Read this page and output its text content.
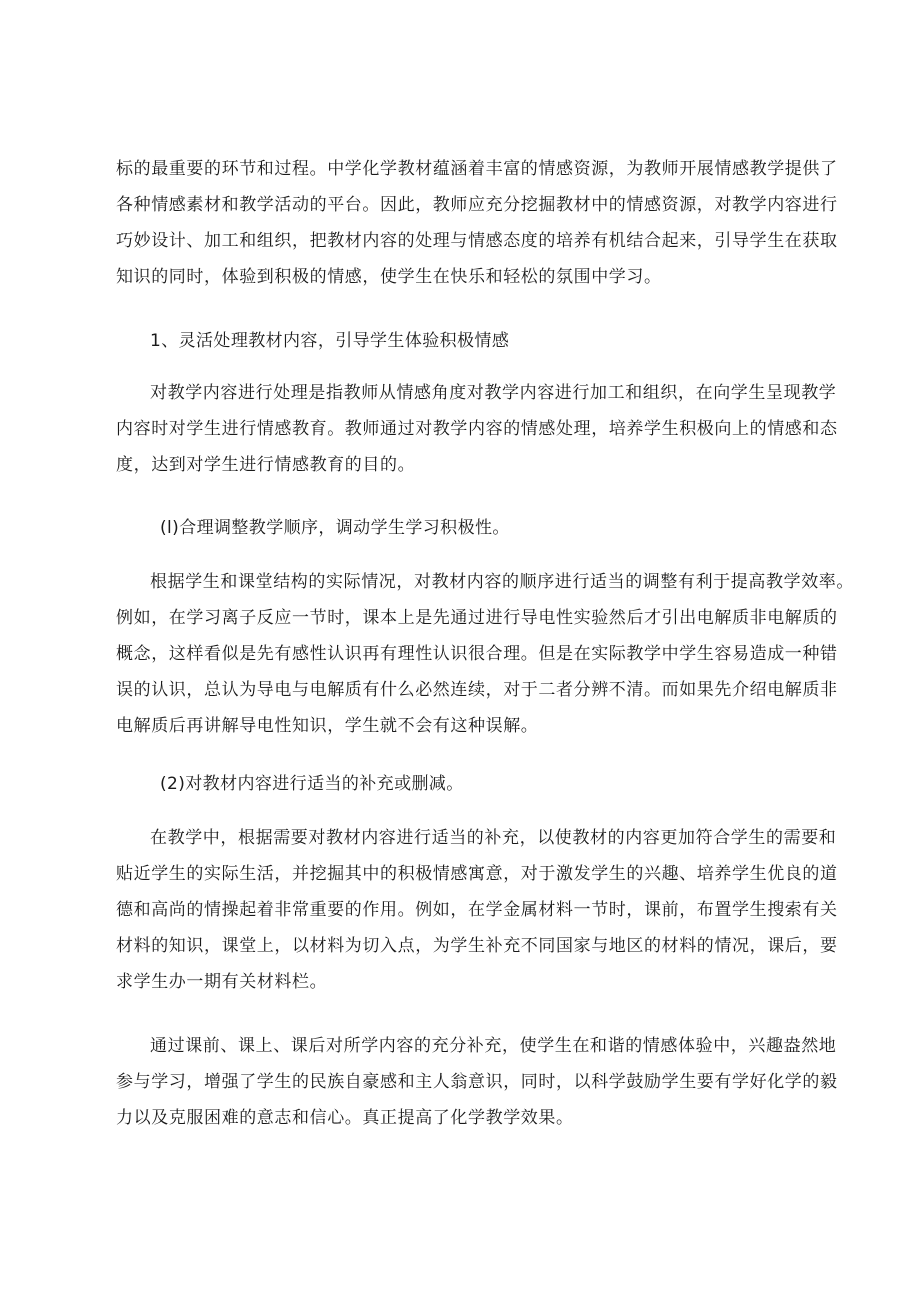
标的最重要的环节和过程。中学化学教材蕴涵着丰富的情感资源，为教师开展情感教学提供了
各种情感素材和教学活动的平台。因此，教师应充分挖掘教材中的情感资源，对教学内容进行
巧妙设计、加工和组织，把教材内容的处理与情感态度的培养有机结合起来，引导学生在获取
知识的同时，体验到积极的情感，使学生在快乐和轻松的氛围中学习。
1、灵活处理教材内容，引导学生体验积极情感
对教学内容进行处理是指教师从情感角度对教学内容进行加工和组织，在向学生呈现教学
内容时对学生进行情感教育。教师通过对教学内容的情感处理，培养学生积极向上的情感和态
度，达到对学生进行情感教育的目的。
(l)合理调整教学顺序，调动学生学习积极性。
根据学生和课堂结构的实际情况，对教材内容的顺序进行适当的调整有利于提高教学效率。
例如，在学习离子反应一节时，课本上是先通过进行导电性实验然后才引出电解质非电解质的
概念，这样看似是先有感性认识再有理性认识很合理。但是在实际教学中学生容易造成一种错
误的认识，总认为导电与电解质有什么必然连续，对于二者分辨不清。而如果先介绍电解质非
电解质后再讲解导电性知识，学生就不会有这种误解。
(2)对教材内容进行适当的补充或删减。
在教学中，根据需要对教材内容进行适当的补充，以使教材的内容更加符合学生的需要和
贴近学生的实际生活，并挖掘其中的积极情感寓意，对于激发学生的兴趣、培养学生优良的道
德和高尚的情操起着非常重要的作用。例如，在学金属材料一节时，课前，布置学生搜索有关
材料的知识，课堂上，以材料为切入点，为学生补充不同国家与地区的材料的情况，课后，要
求学生办一期有关材料栏。
通过课前、课上、课后对所学内容的充分补充，使学生在和谐的情感体验中，兴趣盎然地
参与学习，增强了学生的民族自豪感和主人翁意识，同时，以科学鼓励学生要有学好化学的毅
力以及克服困难的意志和信心。真正提高了化学教学效果。
